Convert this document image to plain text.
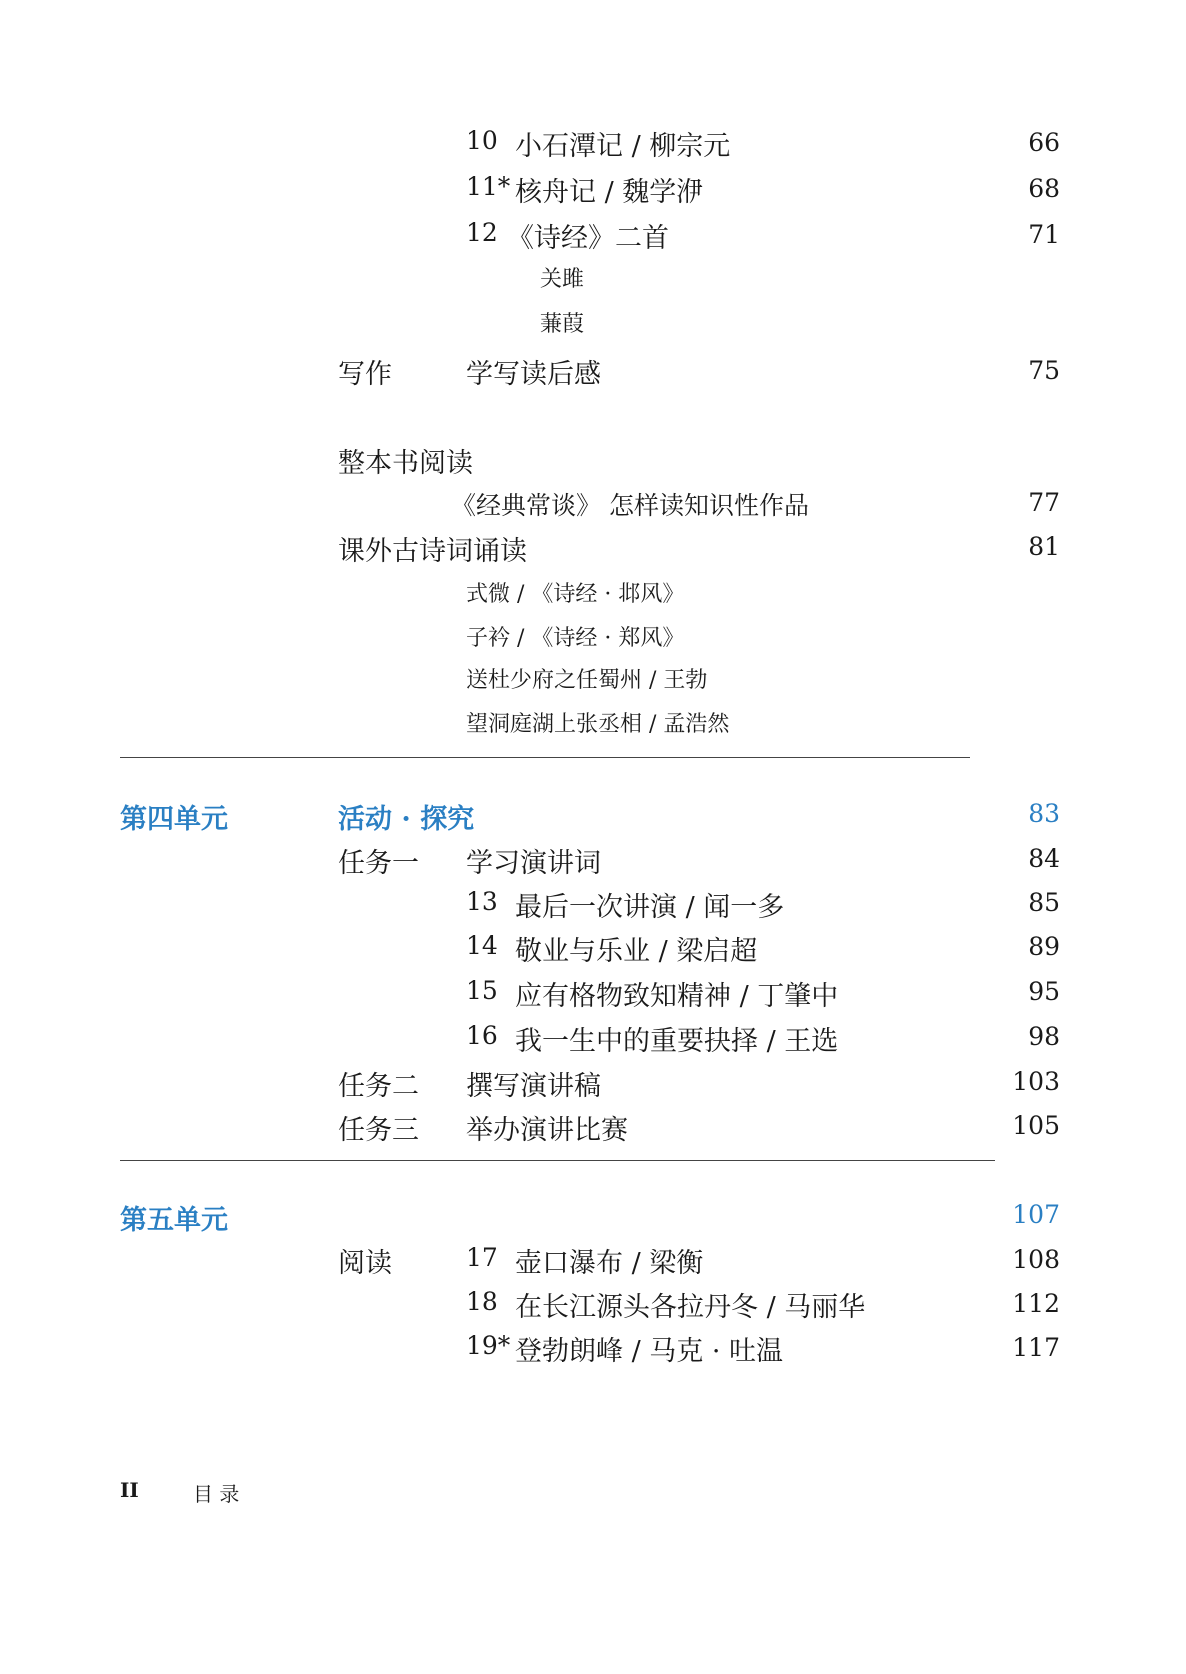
10 小石潭记 / 柳宗元	66
11* 核舟记 / 魏学洢	68
12 《诗经》二首	71
关雎
蒹葭
写作	学写读后感	75
整本书阅读
《经典常谈》 怎样读知识性作品	77
课外古诗词诵读	81
式微 / 《诗经 · 邶风》
子衿 / 《诗经 · 郑风》
送杜少府之任蜀州 / 王勃
望洞庭湖上张丞相 / 孟浩然
第四单元	活动 · 探究	83
任务一 学习演讲词	84
13 最后一次讲演 / 闻一多	85
14 敬业与乐业 / 梁启超	89
15 应有格物致知精神 / 丁肇中	95
16 我一生中的重要抉择 / 王选	98
任务二 撰写演讲稿	103
任务三 举办演讲比赛	105
第五单元	107
阅读	17 壶口瀑布 / 梁衡	108
18 在长江源头各拉丹冬 / 马丽华	112
19* 登勃朗峰 / 马克 · 吐温	117
II	目 录
